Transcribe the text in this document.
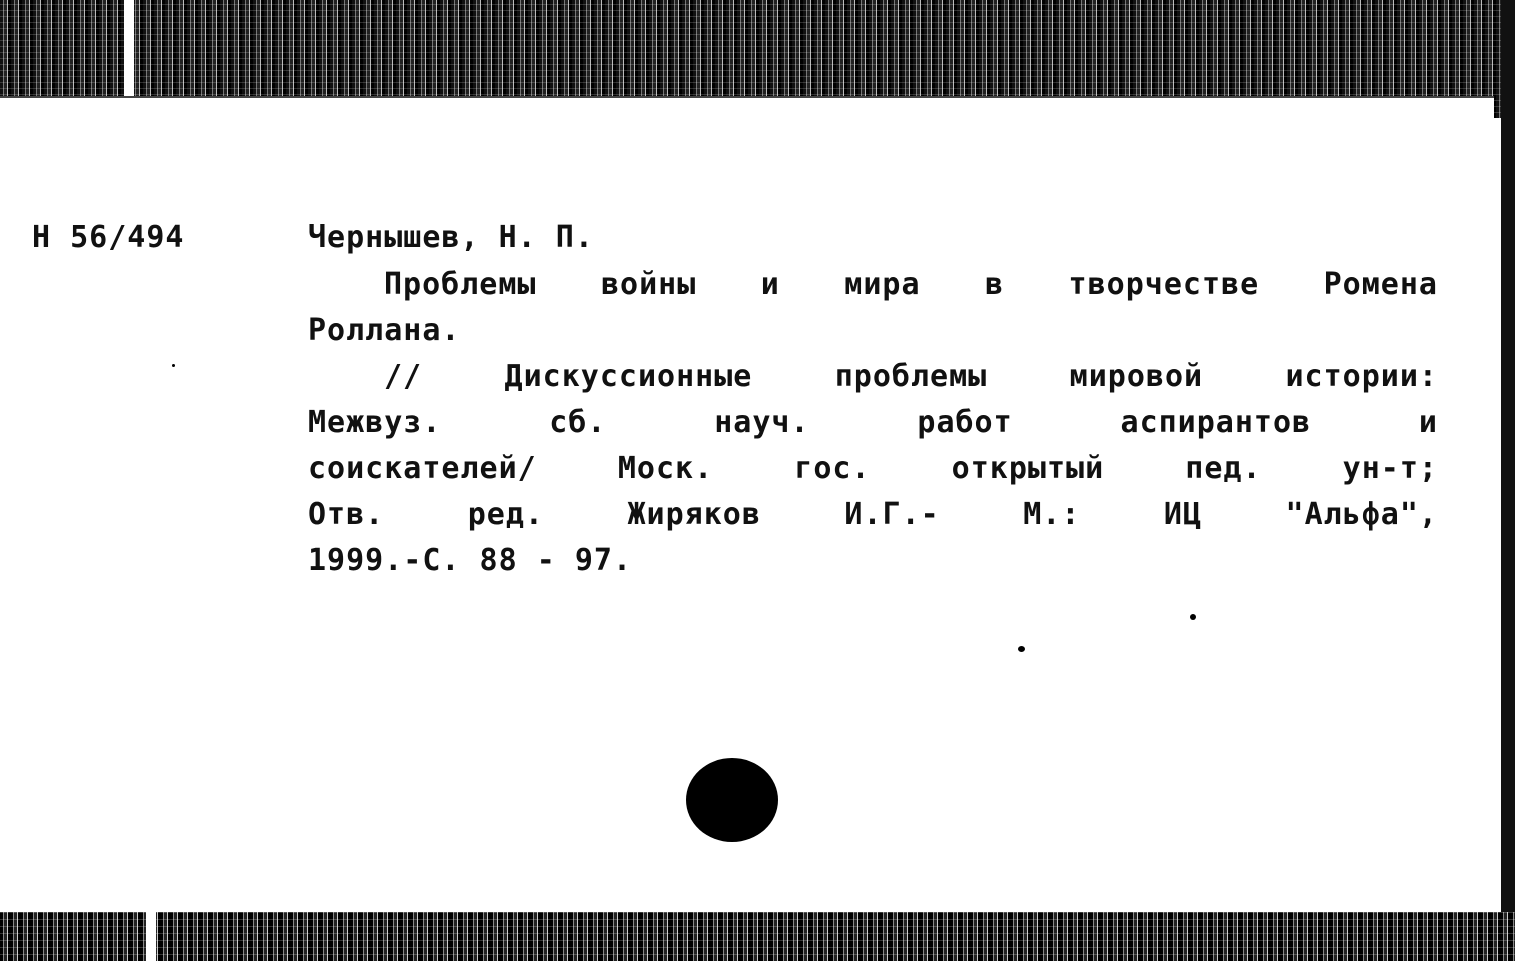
Н 56/494	Чернышев, Н. П.
Проблемы войны и мира в творчестве Ромена
Роллана.
// Дискуссионные проблемы мировой истории:
Межвуз. сб. науч. работ аспирантов и
соискателей/ Моск. гос. открытый пед. ун-т;
Отв. ред. Жиряков И.Г.- М.: ИЦ "Альфа",
1999.-С. 88 - 97.
